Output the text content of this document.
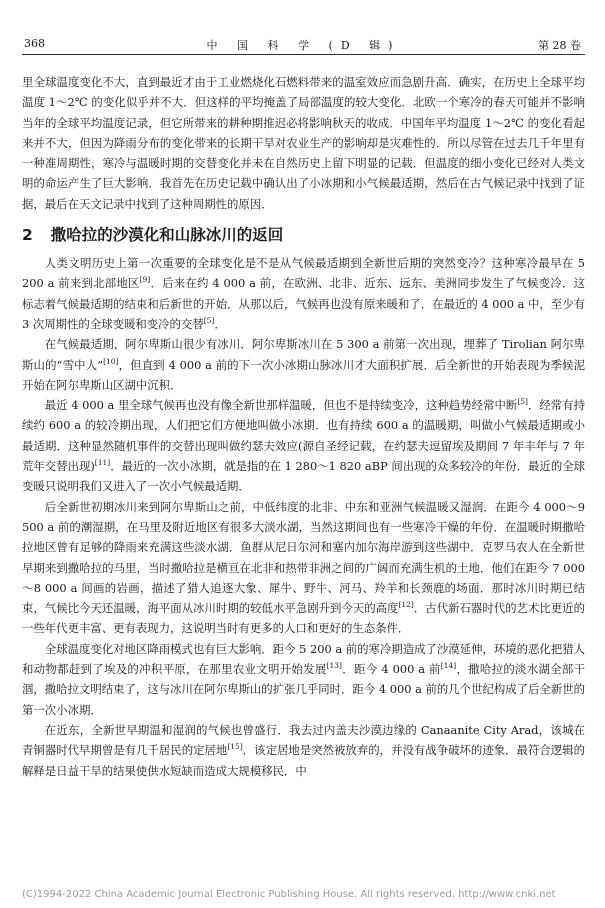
368	中 国 科 学 (D 辑)	第 28 卷

里全球温度变化不大，直到最近才由于工业燃烧化石燃料带来的温室效应而急剧升高．确实，在历史上全球平均温度 1～2℃ 的变化似乎并不大．但这样的平均掩盖了局部温度的较大变化．北欧一个寒冷的春天可能并不影响当年的全球平均温度记录，但它所带来的耕种期推迟必将影响秋天的收成．中国年平均温度 1～2℃ 的变化看起来并不大，但因为降雨分布的变化带来的长期干旱对农业生产的影响却是灾难性的．所以尽管在过去几千年里有一种准周期性，寒冷与温暖时期的交替变化并未在自然历史上留下明显的记载．但温度的细小变化已经对人类文明的命运产生了巨大影响．我首先在历史记载中确认出了小冰期和小气候最适期，然后在古气候记录中找到了证据，最后在天文记录中找到了这种周期性的原因．

2 撒哈拉的沙漠化和山脉冰川的返回

人类文明历史上第一次重要的全球变化是不是从气候最适期到全新世后期的突然变冷？这种寒冷最早在 5 200 a 前来到北部地区[9]．后来在约 4 000 a 前，在欧洲、北非、近东、远东、美洲同步发生了气候变冷．这标志着气候最适期的结束和后新世的开始．从那以后，气候再也没有原来暖和了．在最近的 4 000 a 中，至少有 3 次周期性的全球变暖和变冷的交替[5]．

在气候最适期，阿尔卑斯山很少有冰川．阿尔卑斯冰川在 5 300 a 前第一次出现，埋葬了 Tirolian 阿尔卑斯山的“雪中人”[10]，但直到 4 000 a 前的下一次小冰期山脉冰川才大面积扩展．后全新世的开始表现为季候泥开始在阿尔卑斯山区湖中沉积．

最近 4 000 a 里全球气候再也没有像全新世那样温暖，但也不是持续变冷，这种趋势经常中断[5]．经常有持续约 600 a 的较冷期出现，人们把它们方便地叫做小冰期．也有持续 600 a 的温暖期，叫做小气候最适期或小最适期．这种显然随机事件的交替出现叫做约瑟夫效应(源自圣经记载，在约瑟夫逗留埃及期间 7 年丰年与 7 年荒年交替出现)[11]．最近的一次小冰期，就是指的在 1 280～1 820 aBP 间出现的众多较冷的年份．最近的全球变暖只说明我们又进入了一次小气候最适期．

后全新世初期冰川来到阿尔卑斯山之前，中低纬度的北非、中东和亚洲气候温暖又湿润．在距今 4 000～9 500 a 前的潮湿期，在马里及附近地区有很多大淡水湖，当然这期间也有一些寒冷干燥的年份．在温暖时期撒哈拉地区曾有足够的降雨来充满这些淡水湖．鱼群从尼日尔河和塞内加尔海岸游到这些湖中．克罗马农人在全新世早期来到撒哈拉的马里，当时撒哈拉是横亘在北非和热带非洲之间的广阔而充满生机的土地．他们在距今 7 000～8 000 a 间画的岩画，描述了猎人追逐大象、犀牛、野牛、河马、羚羊和长颈鹿的场面．那时冰川时期已结束，气候比今天还温暖，海平面从冰川时期的较低水平急剧升到今天的高度[12]．古代新石器时代的艺术比更近的一些年代更丰富、更有表现力，这说明当时有更多的人口和更好的生态条件．

全球温度变化对地区降雨模式也有巨大影响．距今 5 200 a 前的寒冷期造成了沙漠延伸，环境的恶化把猎人和动物都赶到了埃及的冲积平原，在那里农业文明开始发展[13]．距今 4 000 a 前[14]，撒哈拉的淡水湖全部干涸，撒哈拉文明结束了，这与冰川在阿尔卑斯山的扩张几乎同时．距今 4 000 a 前的几个世纪构成了后全新世的第一次小冰期．

在近东，全新世早期温和湿润的气候也曾盛行．我去过内盖夫沙漠边缘的 Canaanite City Arad，该城在青铜器时代早期曾是有几千居民的定居地[15]．该定居地是突然被放弃的，并没有战争破坏的迹象．最符合逻辑的解释是日益干旱的结果使供水短缺而造成大规模移民．中

(C)1994-2022 China Academic Journal Electronic Publishing House. All rights reserved. http://www.cnki.net
